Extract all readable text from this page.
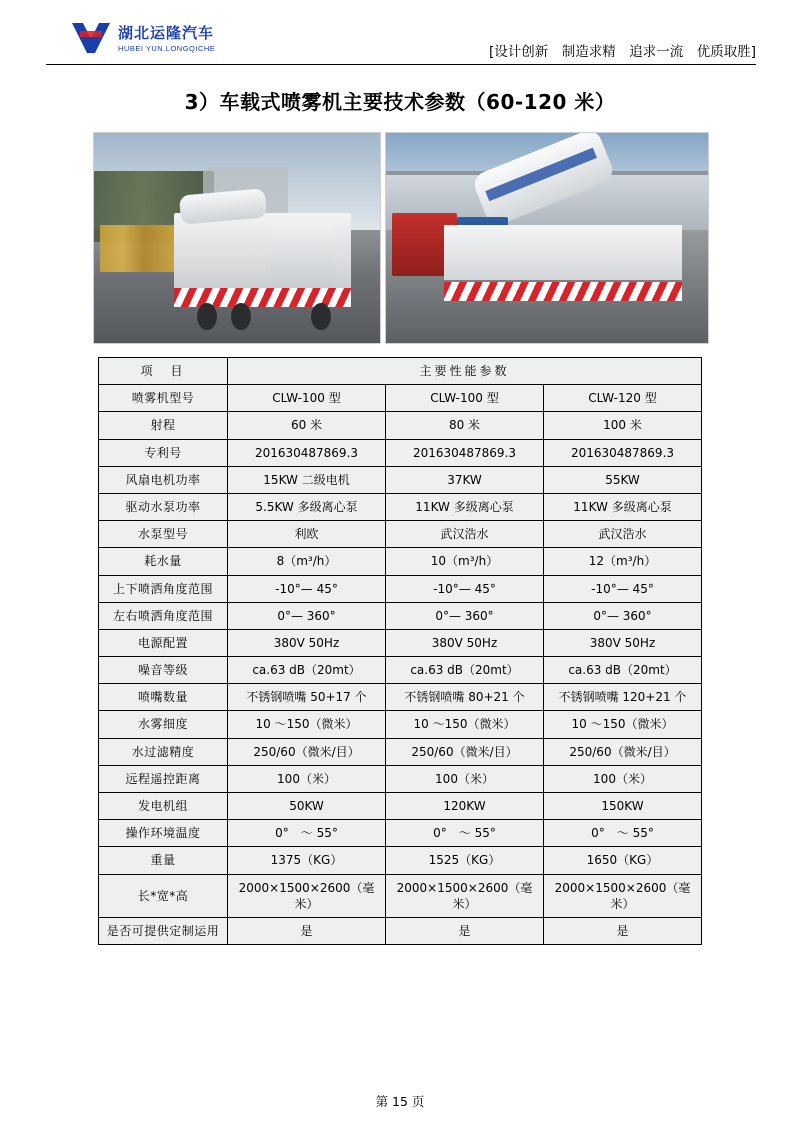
湖北运隆汽车
HUBEI YUN.LONGQICHE	[设计创新　制造求精　追求一流　优质取胜]
3）车载式喷雾机主要技术参数（60-120 米）
项　目	主要性能参数		
喷雾机型号	CLW-100 型	CLW-100 型	CLW-120 型
射程	60 米	80 米	100 米
专利号	201630487869.3	201630487869.3	201630487869.3
风扇电机功率	15KW 二级电机	37KW	55KW
驱动水泵功率	5.5KW 多级离心泵	11KW 多级离心泵	11KW 多级离心泵
水泵型号	利欧	武汉浩水	武汉浩水
耗水量	8（m³/h）	10（m³/h）	12（m³/h）
上下喷洒角度范围	-10°— 45°	-10°— 45°	-10°— 45°
左右喷洒角度范围	0°— 360°	0°— 360°	0°— 360°
电源配置	380V 50Hz	380V 50Hz	380V 50Hz
噪音等级	ca.63 dB（20mt）	ca.63 dB（20mt）	ca.63 dB（20mt）
喷嘴数量	不锈钢喷嘴 50+17 个	不锈钢喷嘴 80+21 个	不锈钢喷嘴 120+21 个
水雾细度	10 ～150（微米）	10 ～150（微米）	10 ～150（微米）
水过滤精度	250/60（微米/目）	250/60（微米/目）	250/60（微米/目）
远程遥控距离	100（米）	100（米）	100（米）
发电机组	50KW	120KW	150KW
操作环境温度	0°　～ 55°	0°　～ 55°	0°　～ 55°
重量	1375（KG）	1525（KG）	1650（KG）
长*宽*高	2000×1500×2600（毫米）	2000×1500×2600（毫米）	2000×1500×2600（毫米）
是否可提供定制运用	是	是	是
第 15 页
